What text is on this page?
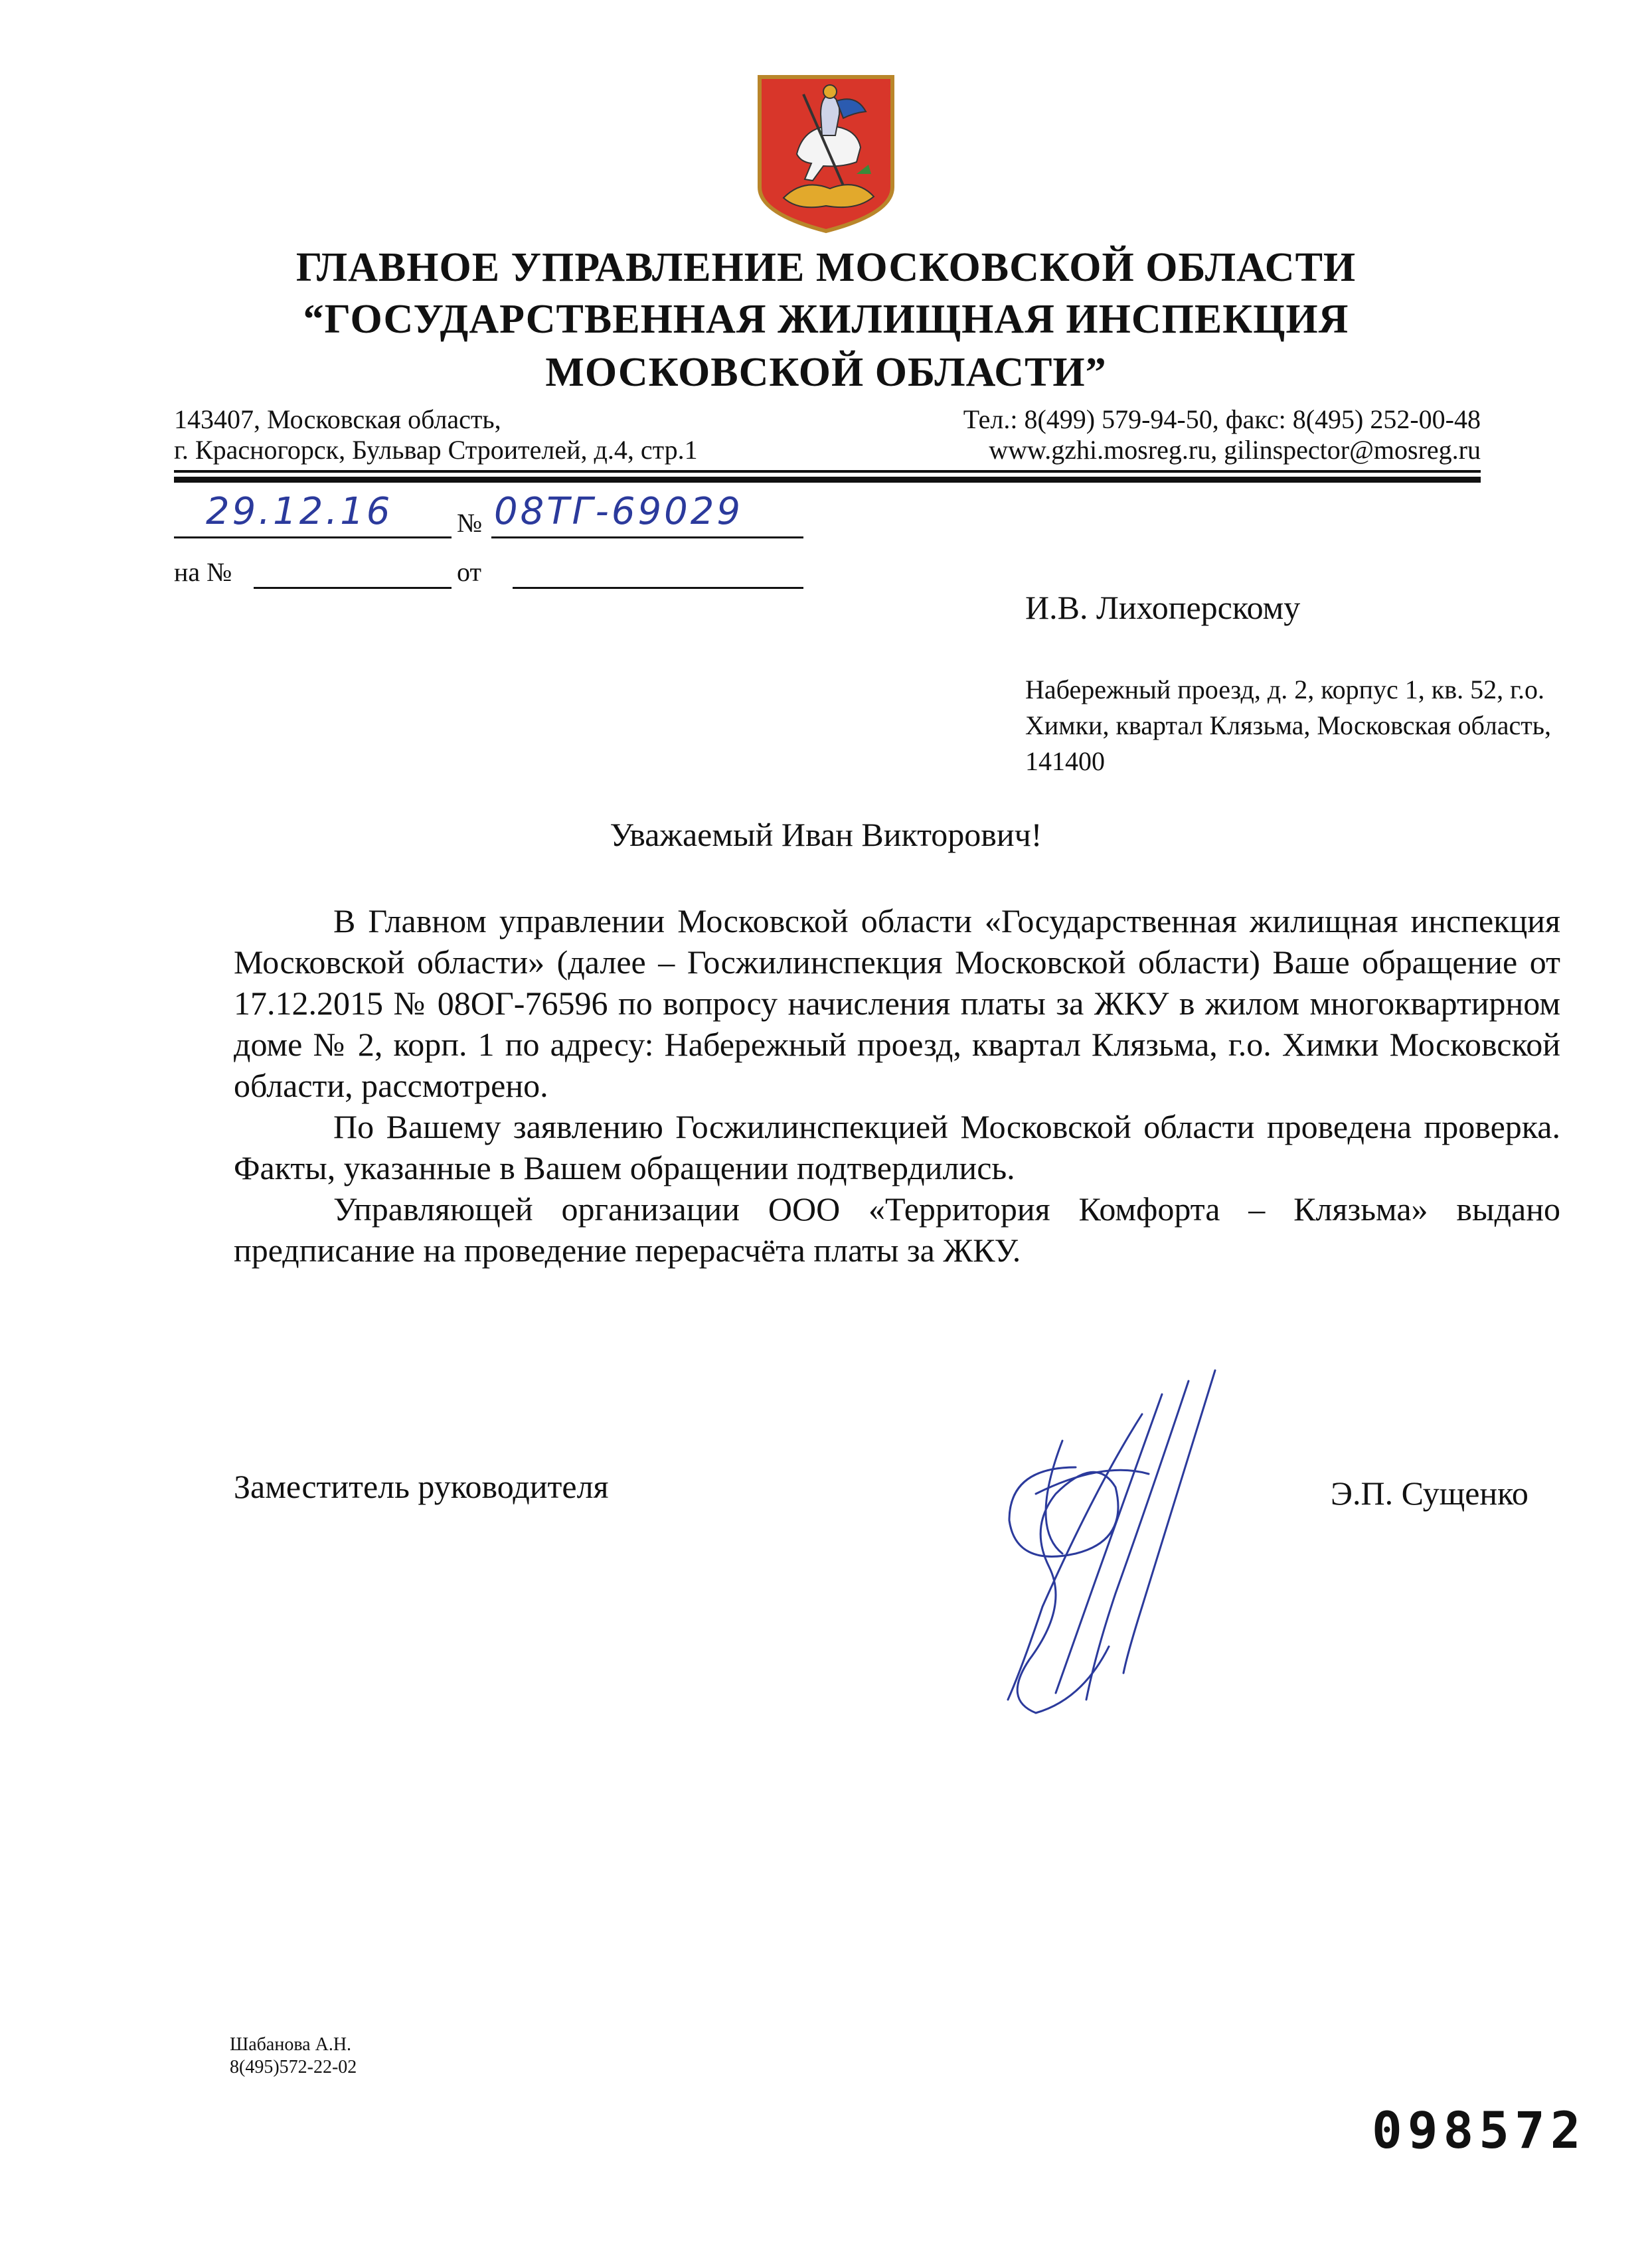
ГЛАВНОЕ УПРАВЛЕНИЕ МОСКОВСКОЙ ОБЛАСТИ
“ГОСУДАРСТВЕННАЯ ЖИЛИЩНАЯ ИНСПЕКЦИЯ
МОСКОВСКОЙ ОБЛАСТИ”
143407, Московская область,
г. Красногорск, Бульвар Строителей, д.4, стр.1
Тел.: 8(499) 579-94-50, факс: 8(495) 252-00-48
www.gzhi.mosreg.ru, gilinspector@mosreg.ru
29.12.16 № 08ТГ-69029
на №	от
И.В. Лихоперскому
Набережный проезд, д. 2, корпус 1, кв. 52, г.о. Химки, квартал Клязьма, Московская область, 141400
Уважаемый Иван Викторович!

В Главном управлении Московской области «Государственная жилищная инспекция Московской области» (далее – Госжилинспекция Московской области) Ваше обращение от 17.12.2015 № 08ОГ-76596 по вопросу начисления платы за ЖКУ в жилом многоквартирном доме № 2, корп. 1 по адресу: Набережный проезд, квартал Клязьма, г.о. Химки Московской области, рассмотрено.

По Вашему заявлению Госжилинспекцией Московской области проведена проверка. Факты, указанные в Вашем обращении подтвердились.

Управляющей организации ООО «Территория Комфорта – Клязьма» выдано предписание на проведение перерасчёта платы за ЖКУ.

Заместитель руководителя	Э.П. Сущенко
Шабанова А.Н.
8(495)572-22-02
098572
